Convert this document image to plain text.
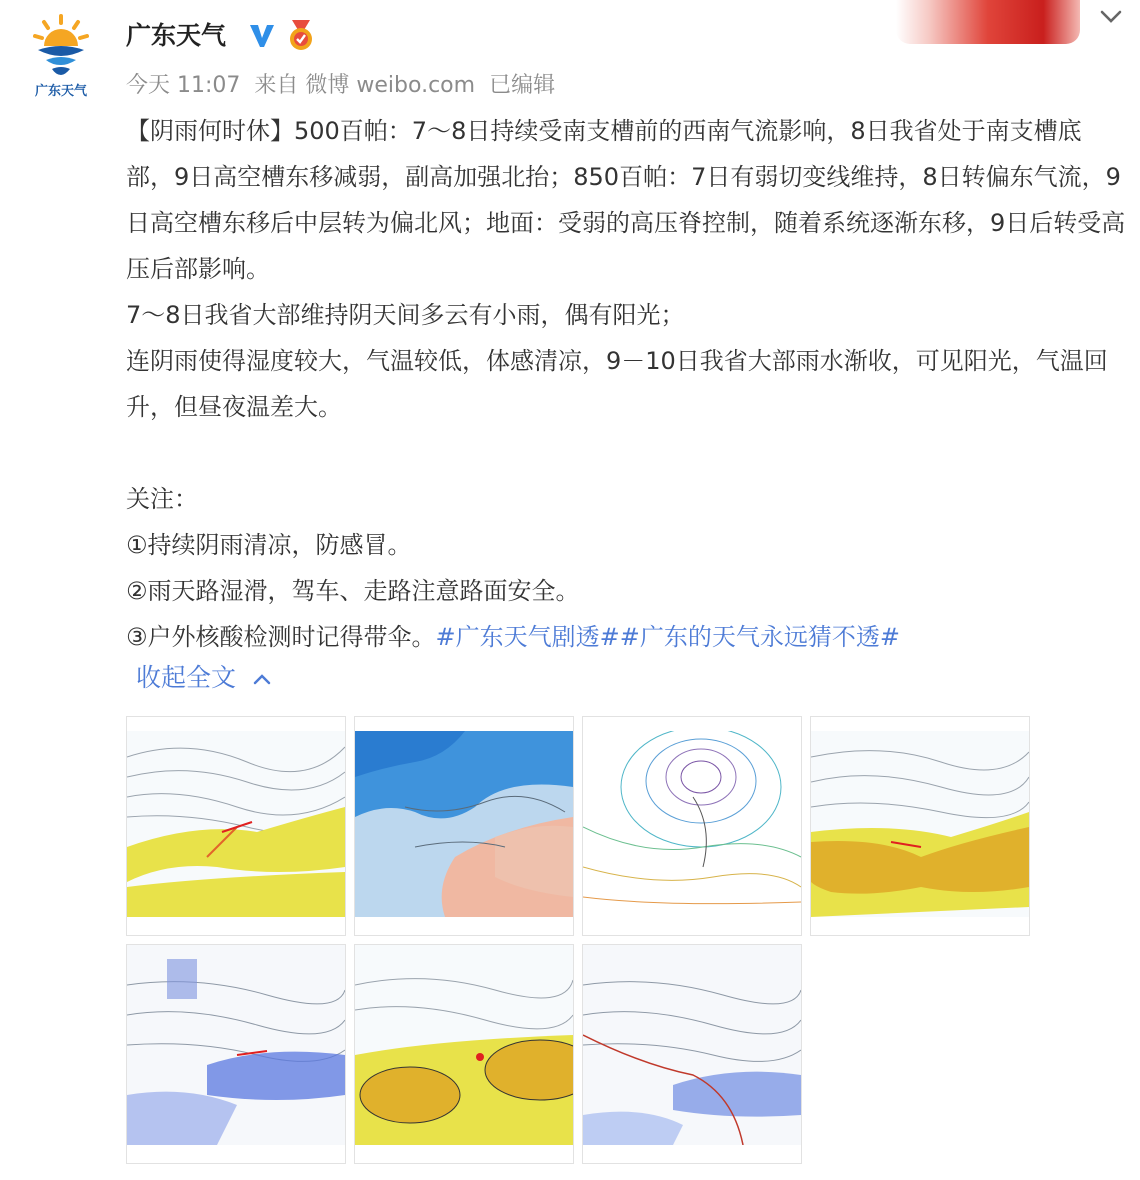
广东天气
广东天气
今天 11:07 来自 微博 weibo.com 已编辑

【阴雨何时休】500百帕：7～8日持续受南支槽前的西南气流影响，8日我省处于南支槽底部，9日高空槽东移减弱，副高加强北抬；850百帕：7日有弱切变线维持，8日转偏东气流，9日高空槽东移后中层转为偏北风；地面：受弱的高压脊控制，随着系统逐渐东移，9日后转受高压后部影响。

7～8日我省大部维持阴天间多云有小雨，偶有阳光；

连阴雨使得湿度较大，气温较低，体感清凉，9－10日我省大部雨水渐收，可见阳光，气温回升，但昼夜温差大。

关注：

①持续阴雨清凉，防感冒。

②雨天路湿滑，驾车、走路注意路面安全。

③户外核酸检测时记得带伞。#广东天气剧透##广东的天气永远猜不透#

收起全文
